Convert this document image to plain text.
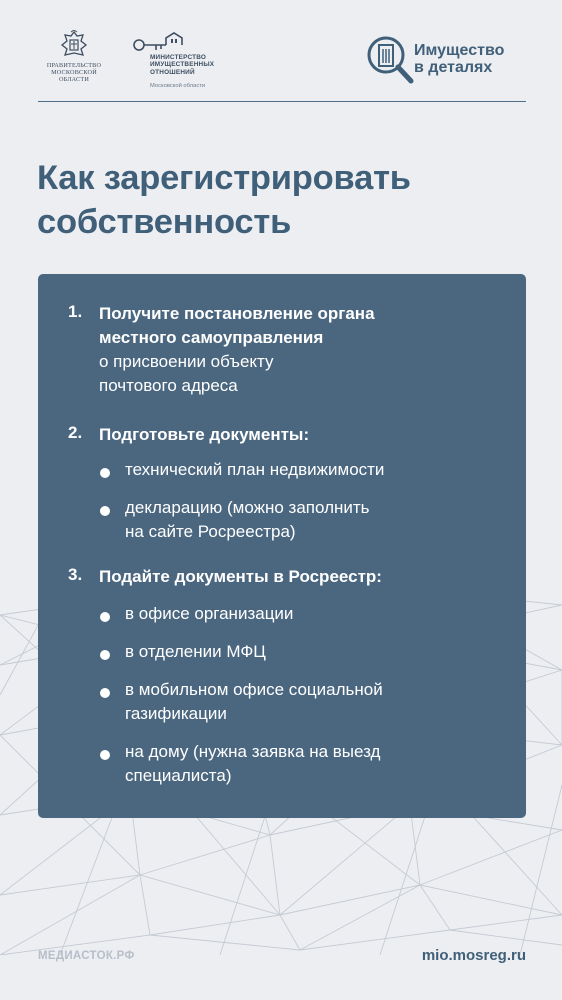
ПРАВИТЕЛЬСТВО
МОСКОВСКОЙ
ОБЛАСТИ
МИНИСТЕРСТВО
ИМУЩЕСТВЕННЫХ
ОТНОШЕНИЙ
Московской области
Имущество
в деталях
Как зарегистрировать
собственность
1. Получите постановление органа
местного самоуправления
о присвоении объекту
почтового адреса
2. Подготовьте документы:
технический план недвижимости
декларацию (можно заполнить
на сайте Росреестра)
3. Подайте документы в Росреестр:
в офисе организации
в отделении МФЦ
в мобильном офисе социальной
газификации
на дому (нужна заявка на выезд
специалиста)
МЕДИАСТОК.РФ	mio.mosreg.ru
